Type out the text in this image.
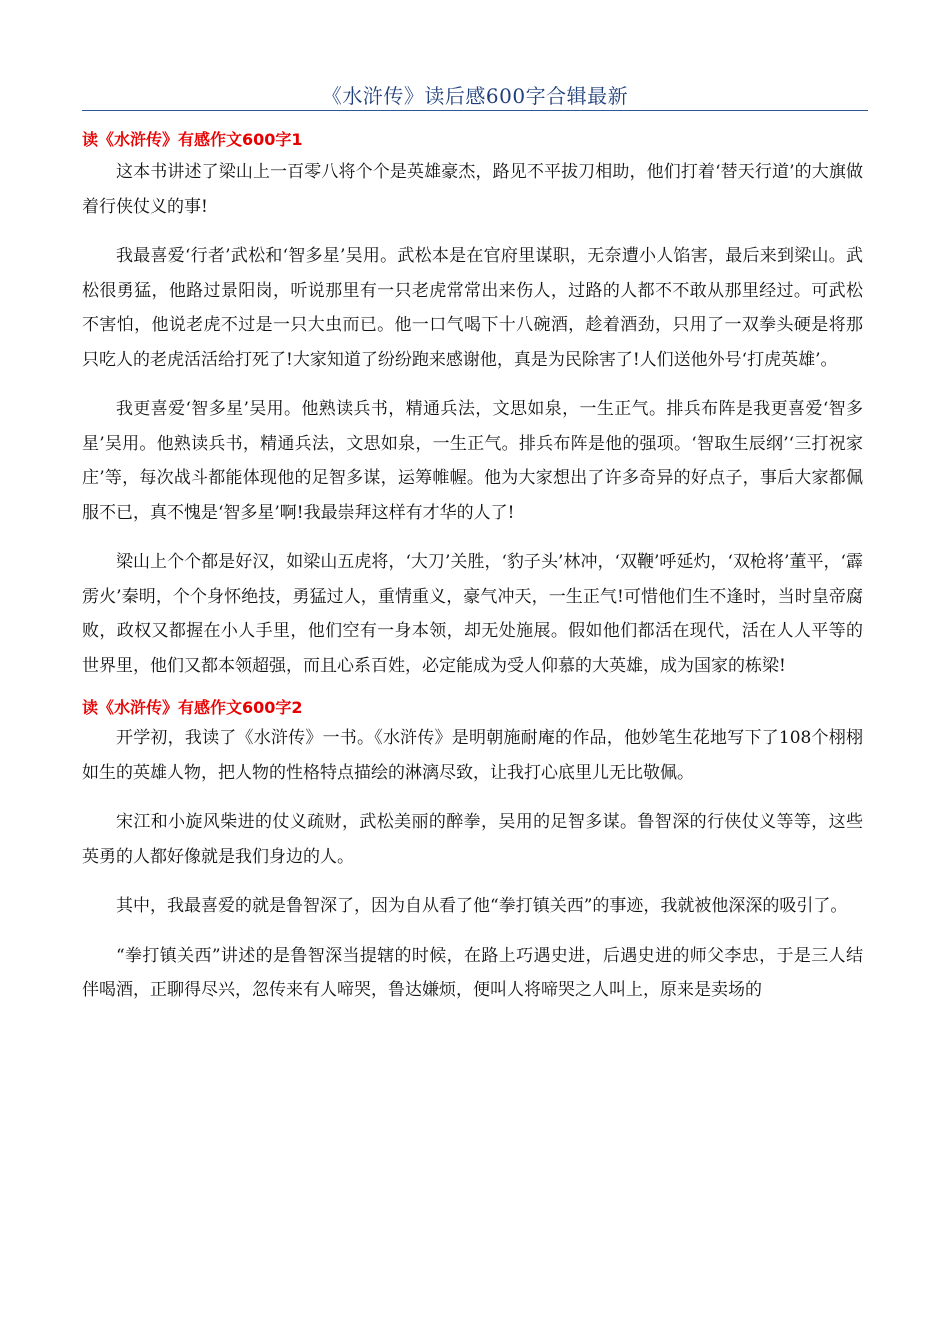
《水浒传》读后感600字合辑最新

读《水浒传》有感作文600字1

这本书讲述了梁山上一百零八将个个是英雄豪杰，路见不平拔刀相助，他们打着‘替天行道’的大旗做着行侠仗义的事!

我最喜爱‘行者’武松和‘智多星’吴用。武松本是在官府里谋职，无奈遭小人馅害，最后来到梁山。武松很勇猛，他路过景阳岗，听说那里有一只老虎常常出来伤人，过路的人都不不敢从那里经过。可武松不害怕，他说老虎不过是一只大虫而已。他一口气喝下十八碗酒，趁着酒劲，只用了一双拳头硬是将那只吃人的老虎活活给打死了!大家知道了纷纷跑来感谢他，真是为民除害了!人们送他外号‘打虎英雄’。

我更喜爱‘智多星’吴用。他熟读兵书，精通兵法，文思如泉，一生正气。排兵布阵是我更喜爱‘智多星’吴用。他熟读兵书，精通兵法，文思如泉，一生正气。排兵布阵是他的强项。‘智取生辰纲’‘三打祝家庄’等，每次战斗都能体现他的足智多谋，运筹帷幄。他为大家想出了许多奇异的好点子，事后大家都佩服不已，真不愧是‘智多星’啊!我最崇拜这样有才华的人了!

梁山上个个都是好汉，如梁山五虎将，‘大刀’关胜，‘豹子头’林冲，‘双鞭’呼延灼，‘双枪将’董平，‘霹雳火’秦明，个个身怀绝技，勇猛过人，重情重义，豪气冲天，一生正气!可惜他们生不逢时，当时皇帝腐败，政权又都握在小人手里，他们空有一身本领，却无处施展。假如他们都活在现代，活在人人平等的世界里，他们又都本领超强，而且心系百姓，必定能成为受人仰慕的大英雄，成为国家的栋梁!

读《水浒传》有感作文600字2

开学初，我读了《水浒传》一书。《水浒传》是明朝施耐庵的作品，他妙笔生花地写下了108个栩栩如生的英雄人物，把人物的性格特点描绘的淋漓尽致，让我打心底里儿无比敬佩。

宋江和小旋风柴进的仗义疏财，武松美丽的醉拳，吴用的足智多谋。鲁智深的行侠仗义等等，这些英勇的人都好像就是我们身边的人。

其中，我最喜爱的就是鲁智深了，因为自从看了他“拳打镇关西”的事迹，我就被他深深的吸引了。

“拳打镇关西”讲述的是鲁智深当提辖的时候，在路上巧遇史进，后遇史进的师父李忠，于是三人结伴喝酒，正聊得尽兴，忽传来有人啼哭，鲁达嫌烦，便叫人将啼哭之人叫上，原来是卖场的
